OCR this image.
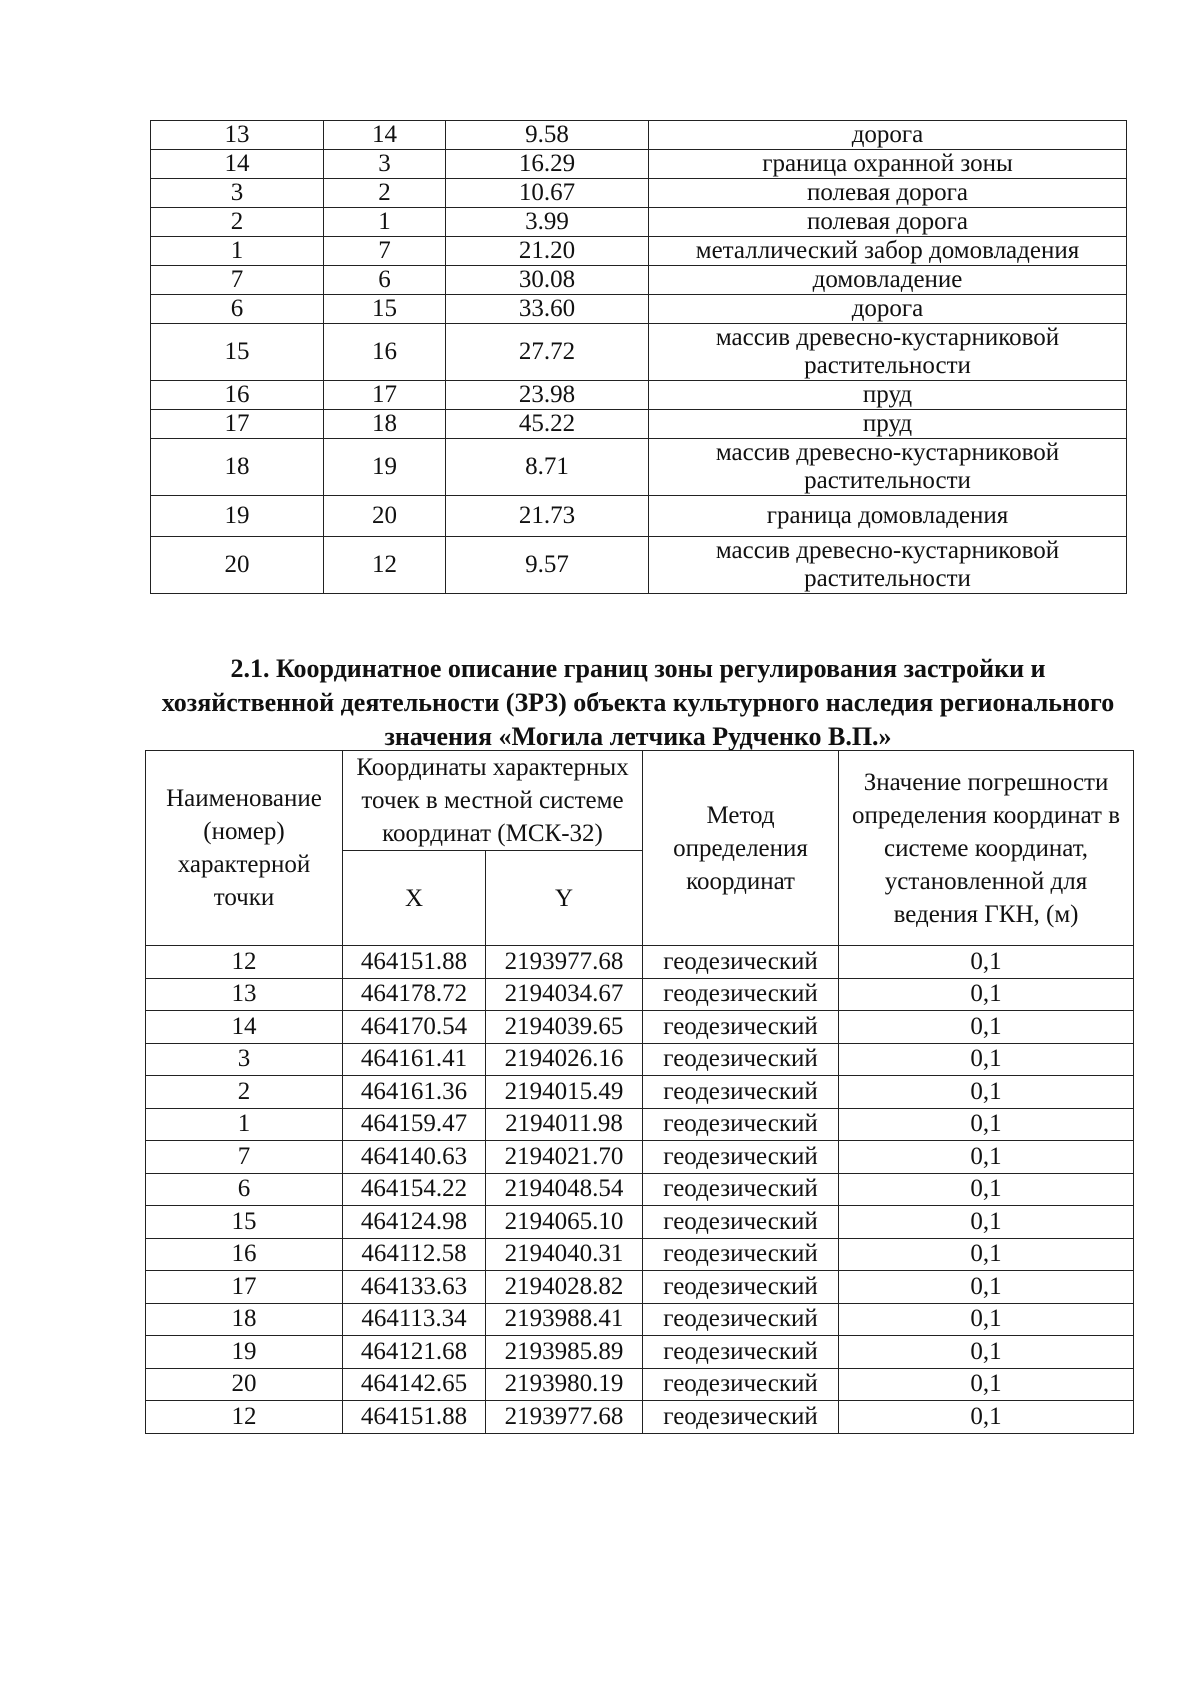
13	14	9.58	дорога
14	3	16.29	граница охранной зоны
3	2	10.67	полевая дорога
2	1	3.99	полевая дорога
1	7	21.20	металлический забор домовладения
7	6	30.08	домовладение
6	15	33.60	дорога
15	16	27.72	массив древесно-кустарниковой растительности
16	17	23.98	пруд
17	18	45.22	пруд
18	19	8.71	массив древесно-кустарниковой растительности
19	20	21.73	граница домовладения
20	12	9.57	массив древесно-кустарниковой растительности
2.1. Координатное описание границ зоны регулирования застройки и хозяйственной деятельности (ЗРЗ) объекта культурного наследия регионального значения «Могила летчика Рудченко В.П.»
Наименование (номер) характерной точки	Координаты характерных точек в местной системе координат (МСК-32)		Метод определения координат	Значение погрешности определения координат в системе координат, установленной для ведения ГКН, (м)
	X	Y		
12	464151.88	2193977.68	геодезический	0,1
13	464178.72	2194034.67	геодезический	0,1
14	464170.54	2194039.65	геодезический	0,1
3	464161.41	2194026.16	геодезический	0,1
2	464161.36	2194015.49	геодезический	0,1
1	464159.47	2194011.98	геодезический	0,1
7	464140.63	2194021.70	геодезический	0,1
6	464154.22	2194048.54	геодезический	0,1
15	464124.98	2194065.10	геодезический	0,1
16	464112.58	2194040.31	геодезический	0,1
17	464133.63	2194028.82	геодезический	0,1
18	464113.34	2193988.41	геодезический	0,1
19	464121.68	2193985.89	геодезический	0,1
20	464142.65	2193980.19	геодезический	0,1
12	464151.88	2193977.68	геодезический	0,1
